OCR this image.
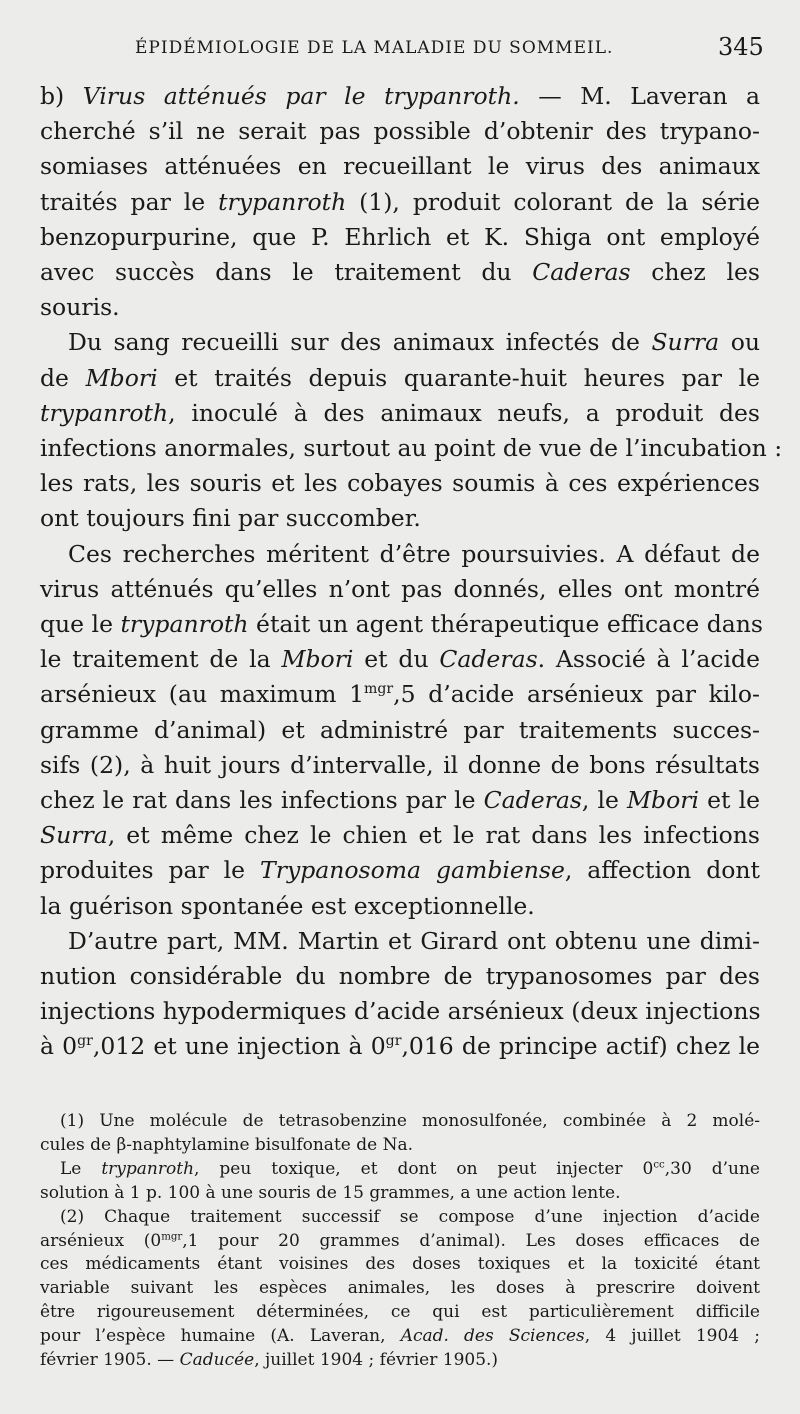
ÉPIDÉMIOLOGIE DE LA MALADIE DU SOMMEIL.	345

b) Virus atténués par le trypanroth. — M. Laveran a

cherché s’il ne serait pas possible d’obtenir des trypano-

somiases atténuées en recueillant le virus des animaux

traités par le trypanroth (1), produit colorant de la série

benzopurpurine, que P. Ehrlich et K. Shiga ont employé

avec succès dans le traitement du Caderas chez les

souris.

Du sang recueilli sur des animaux infectés de Surra ou

de Mbori et traités depuis quarante-huit heures par le

trypanroth, inoculé à des animaux neufs, a produit des

infections anormales, surtout au point de vue de l’incubation :

les rats, les souris et les cobayes soumis à ces expériences

ont toujours fini par succomber.

Ces recherches méritent d’être poursuivies. A défaut de

virus atténués qu’elles n’ont pas donnés, elles ont montré

que le trypanroth était un agent thérapeutique efficace dans

le traitement de la Mbori et du Caderas. Associé à l’acide

arsénieux (au maximum $1^{mgr},5$ d’acide arsénieux par kilo-

gramme d’animal) et administré par traitements succes-

sifs (2), à huit jours d’intervalle, il donne de bons résultats

chez le rat dans les infections par le Caderas, le Mbori et le

Surra, et même chez le chien et le rat dans les infections

produites par le Trypanosoma gambiense, affection dont

la guérison spontanée est exceptionnelle.

D’autre part, MM. Martin et Girard ont obtenu une dimi-

nution considérable du nombre de trypanosomes par des

injections hypodermiques d’acide arsénieux (deux injections

à $0^{gr},012$ et une injection à $0^{gr},016$ de principe actif) chez le

(1) Une molécule de tetrasobenzine monosulfonée, combinée à 2 molé-

cules de β-naphtylamine bisulfonate de Na.

Le trypanroth, peu toxique, et dont on peut injecter $0^{cc},30$ d’une

solution à 1 p. 100 à une souris de 15 grammes, a une action lente.

(2) Chaque traitement successif se compose d’une injection d’acide

arsénieux ($0^{mgr},1$ pour 20 grammes d’animal). Les doses efficaces de

ces médicaments étant voisines des doses toxiques et la toxicité étant

variable suivant les espèces animales, les doses à prescrire doivent

être rigoureusement déterminées, ce qui est particulièrement difficile

pour l’espèce humaine (A. Laveran, Acad. des Sciences, 4 juillet 1904 ;

février 1905. — Caducée, juillet 1904 ; février 1905.)
